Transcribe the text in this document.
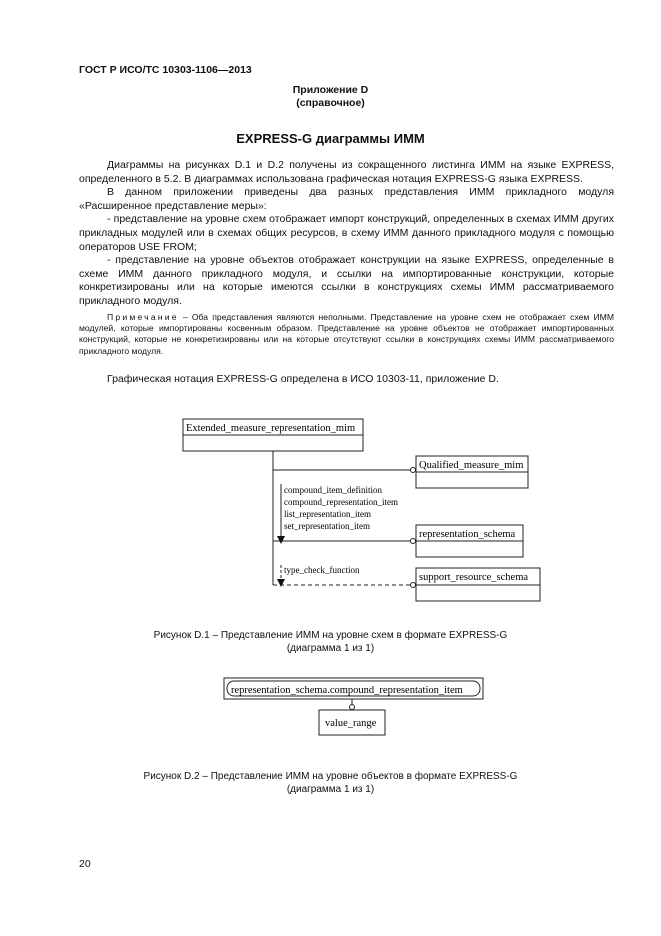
ГОСТ Р ИСО/ТС 10303-1106—2013
Приложение D
(справочное)
EXPRESS-G диаграммы ИММ

Диаграммы на рисунках D.1 и D.2 получены из сокращенного листинга ИММ на языке EXPRESS, определенного в 5.2. В диаграммах использована графическая нотация EXPRESS-G языка EXPRESS.

В данном приложении приведены два разных представления ИММ прикладного модуля «Расширенное представление меры»:

- представление на уровне схем отображает импорт конструкций, определенных в схемах ИММ других прикладных модулей или в схемах общих ресурсов, в схему ИММ данного прикладного модуля с помощью операторов USE FROM;

- представление на уровне объектов отображает конструкции на языке EXPRESS, определенные в схеме ИММ данного прикладного модуля, и ссылки на импортированные конструкции, которые конкретизированы или на которые имеются ссылки в конструкциях схемы ИММ рассматриваемого прикладного модуля.

Примечание – Оба представления являются неполными. Представление на уровне схем не отображает схем ИММ модулей, которые импортированы косвенным образом. Представление на уровне объектов не отображает импортированных конструкций, которые не конкретизированы или на которые отсутствуют ссылки в конструкциях схемы ИММ рассматриваемого прикладного модуля.

Графическая нотация EXPRESS-G определена в ИСО 10303-11, приложение D.
Extended_measure_representation_mim
Qualified_measure_mim
representation_schema
support_resource_schema
compound_item_definition
compound_representation_item
list_representation_item
set_representation_item
type_check_function
representation_schema.compound_representation_item
value_range
Рисунок D.1 – Представление ИММ на уровне схем в формате EXPRESS-G
(диаграмма 1 из 1)
Рисунок D.2 – Представление ИММ на уровне объектов в формате EXPRESS-G
(диаграмма 1 из 1)
20
